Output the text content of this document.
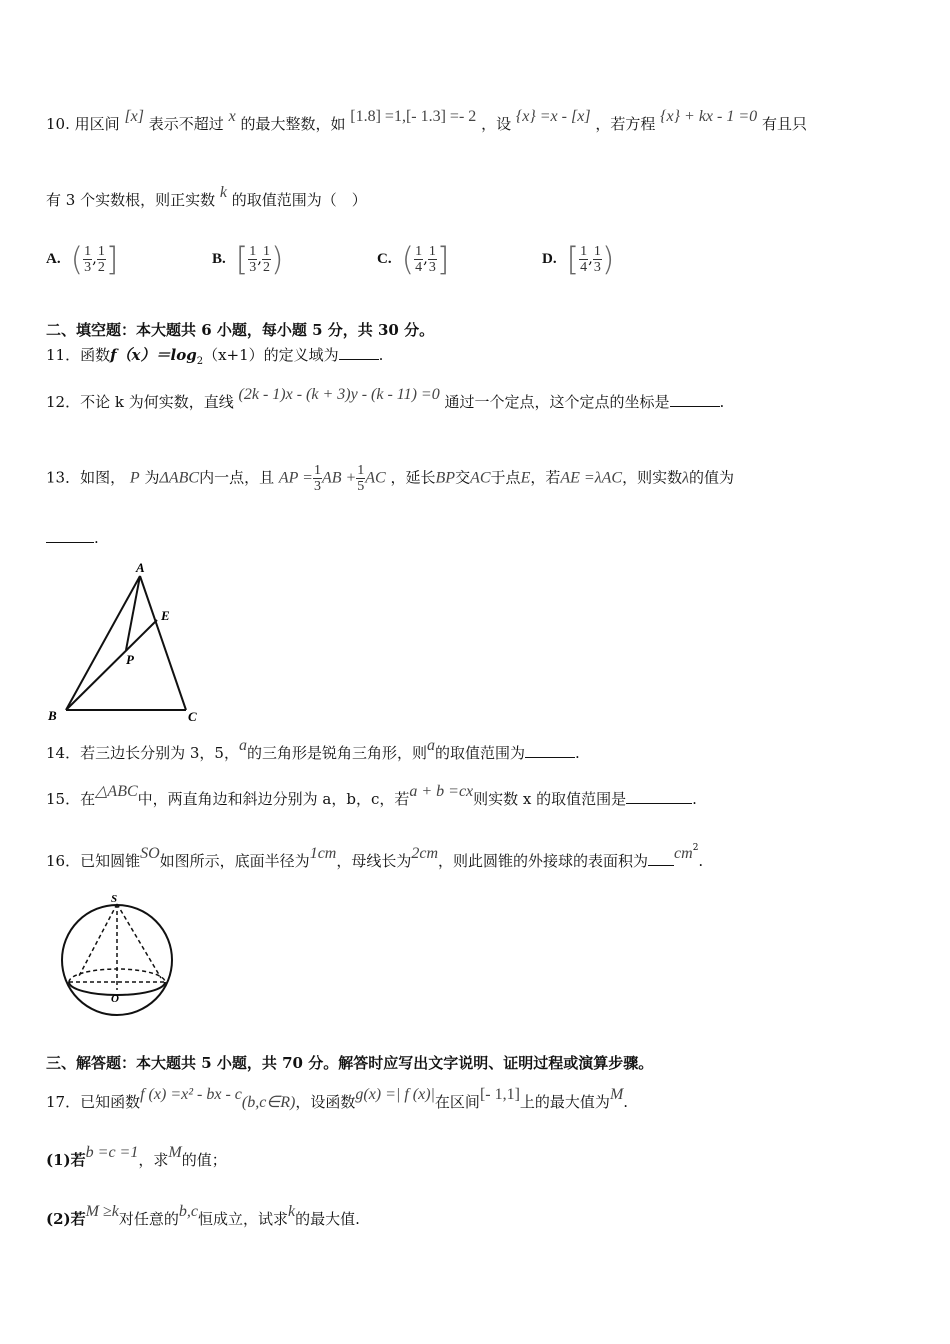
10. 用区间 [x] 表示不超过 x 的最大整数，如 [1.8] =1,[- 1.3] =- 2 ，设 {x} =x - [x] ，若方程 {x} + kx - 1 =0 有且只
有 3 个实数根，则正实数 k 的取值范围为（　）
A. ( $\frac{1}{3}$ , $\frac{1}{2}$ ]	B. [ $\frac{1}{3}$ , $\frac{1}{2}$ )	C. ( $\frac{1}{4}$ , $\frac{1}{3}$ ]	D. [ $\frac{1}{4}$ , $\frac{1}{3}$ )
二、填空题：本大题共 6 小题，每小题 5 分，共 30 分。
11．函数$f(x)=\log_2(x+1)$的定义域为	.
12．不论 k 为何实数，直线 (2k - 1)x - (k + 3)y - (k - 11) =0 通过一个定点，这个定点的坐标是	.
13．如图， P 为ΔABC内一点，且 AP = $\frac{1}{3}$ AB + $\frac{1}{5}$ AC ，延长BP交AC于点E，若AE =λAC，则实数λ的值为
.
A
B	C
E
P
14．若三边长分别为 3，5，a的三角形是锐角三角形，则a的取值范围为	.
15．在△ABC中，两直角边和斜边分别为 a，b，c，若a + b =cx则实数 x 的取值范围是	.
16．已知圆锥SO如图所示，底面半径为1cm，母线长为2cm，则此圆锥的外接球的表面积为 $cm^2$.
S
O
三、解答题：本大题共 5 小题，共 70 分。解答时应写出文字说明、证明过程或演算步骤。
17．已知函数f (x) =x² - bx - c(b,c∈R)，设函数g(x) =| f (x)|在区间[- 1,1]上的最大值为M.
(1)若b =c =1，求M的值；
(2)若M ≥k对任意的b,c恒成立，试求k的最大值.
